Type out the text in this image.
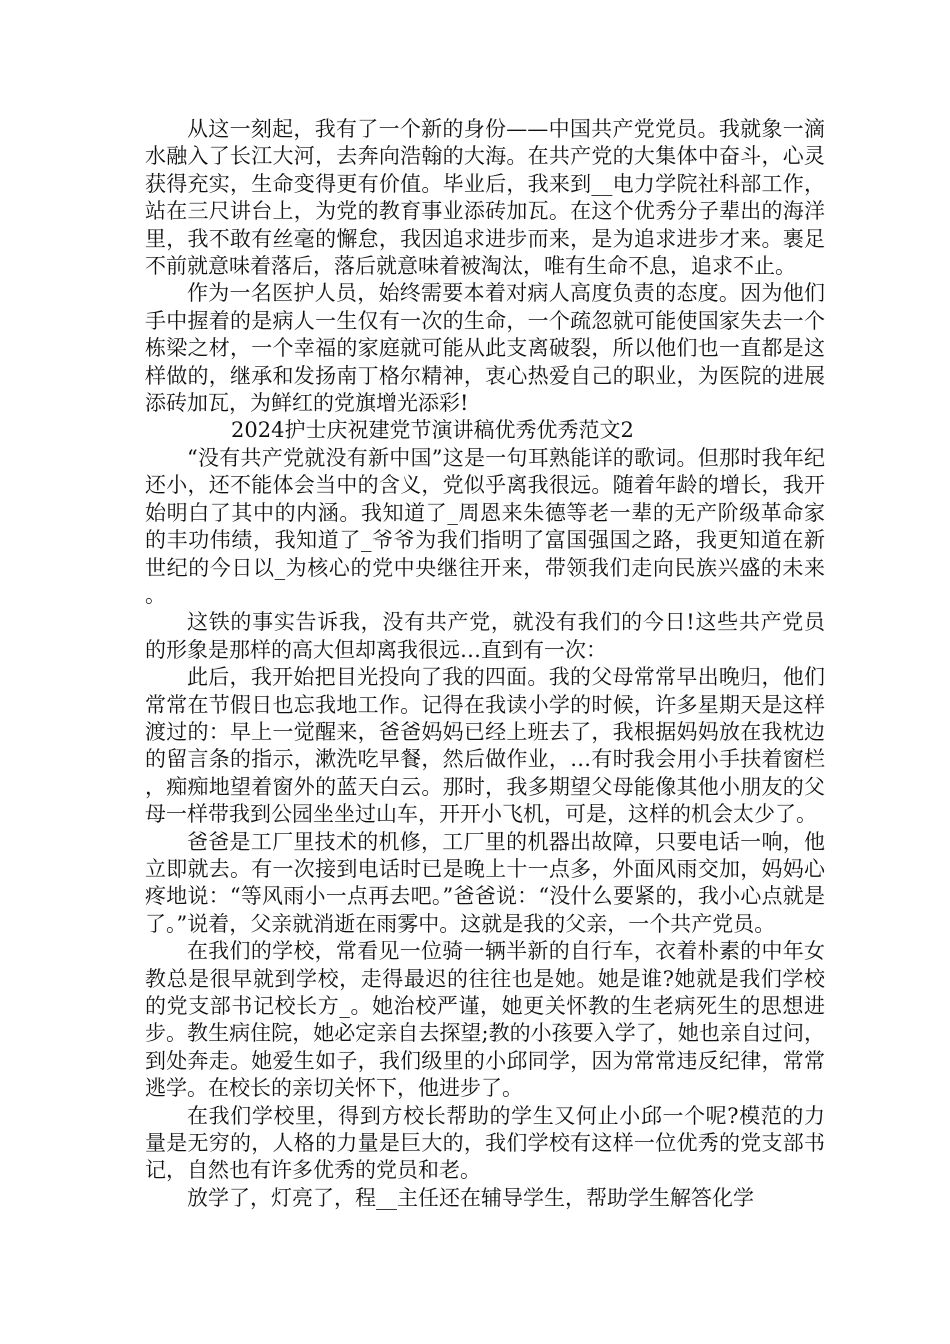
从这一刻起，我有了一个新的身份——中国共产党党员。我就象一滴水融入了长江大河，去奔向浩翰的大海。在共产党的大集体中奋斗，心灵获得充实，生命变得更有价值。毕业后，我来到__电力学院社科部工作，站在三尺讲台上，为党的教育事业添砖加瓦。在这个优秀分子辈出的海洋里，我不敢有丝毫的懈怠，我因追求进步而来，是为追求进步才来。裹足不前就意味着落后，落后就意味着被淘汰，唯有生命不息，追求不止。

作为一名医护人员，始终需要本着对病人高度负责的态度。因为他们手中握着的是病人一生仅有一次的生命，一个疏忽就可能使国家失去一个栋梁之材，一个幸福的家庭就可能从此支离破裂，所以他们也一直都是这样做的，继承和发扬南丁格尔精神，衷心热爱自己的职业，为医院的进展添砖加瓦，为鲜红的党旗增光添彩!

2024护士庆祝建党节演讲稿优秀优秀范文2

“没有共产党就没有新中国”这是一句耳熟能详的歌词。但那时我年纪还小，还不能体会当中的含义，党似乎离我很远。随着年龄的增长，我开始明白了其中的内涵。我知道了_周恩来朱德等老一辈的无产阶级革命家的丰功伟绩，我知道了_爷爷为我们指明了富国强国之路，我更知道在新世纪的今日以_为核心的党中央继往开来，带领我们走向民族兴盛的未来。

这铁的事实告诉我，没有共产党，就没有我们的今日!这些共产党员的形象是那样的高大但却离我很远…直到有一次：

此后，我开始把目光投向了我的四面。我的父母常常早出晚归，他们常常在节假日也忘我地工作。记得在我读小学的时候，许多星期天是这样渡过的：早上一觉醒来，爸爸妈妈已经上班去了，我根据妈妈放在我枕边的留言条的指示，漱洗吃早餐，然后做作业，…有时我会用小手扶着窗栏，痴痴地望着窗外的蓝天白云。那时，我多期望父母能像其他小朋友的父母一样带我到公园坐坐过山车，开开小飞机，可是，这样的机会太少了。

爸爸是工厂里技术的机修，工厂里的机器出故障，只要电话一响，他立即就去。有一次接到电话时已是晚上十一点多，外面风雨交加，妈妈心疼地说：“等风雨小一点再去吧。”爸爸说：“没什么要紧的，我小心点就是了。”说着，父亲就消逝在雨雾中。这就是我的父亲，一个共产党员。

在我们的学校，常看见一位骑一辆半新的自行车，衣着朴素的中年女教总是很早就到学校，走得最迟的往往也是她。她是谁?她就是我们学校的党支部书记校长方_。她治校严谨，她更关怀教的生老病死生的思想进步。教生病住院，她必定亲自去探望;教的小孩要入学了，她也亲自过问，到处奔走。她爱生如子，我们级里的小邱同学，因为常常违反纪律，常常逃学。在校长的亲切关怀下，他进步了。

在我们学校里，得到方校长帮助的学生又何止小邱一个呢?模范的力量是无穷的，人格的力量是巨大的，我们学校有这样一位优秀的党支部书记，自然也有许多优秀的党员和老。

放学了，灯亮了，程__主任还在辅导学生，帮助学生解答化学
